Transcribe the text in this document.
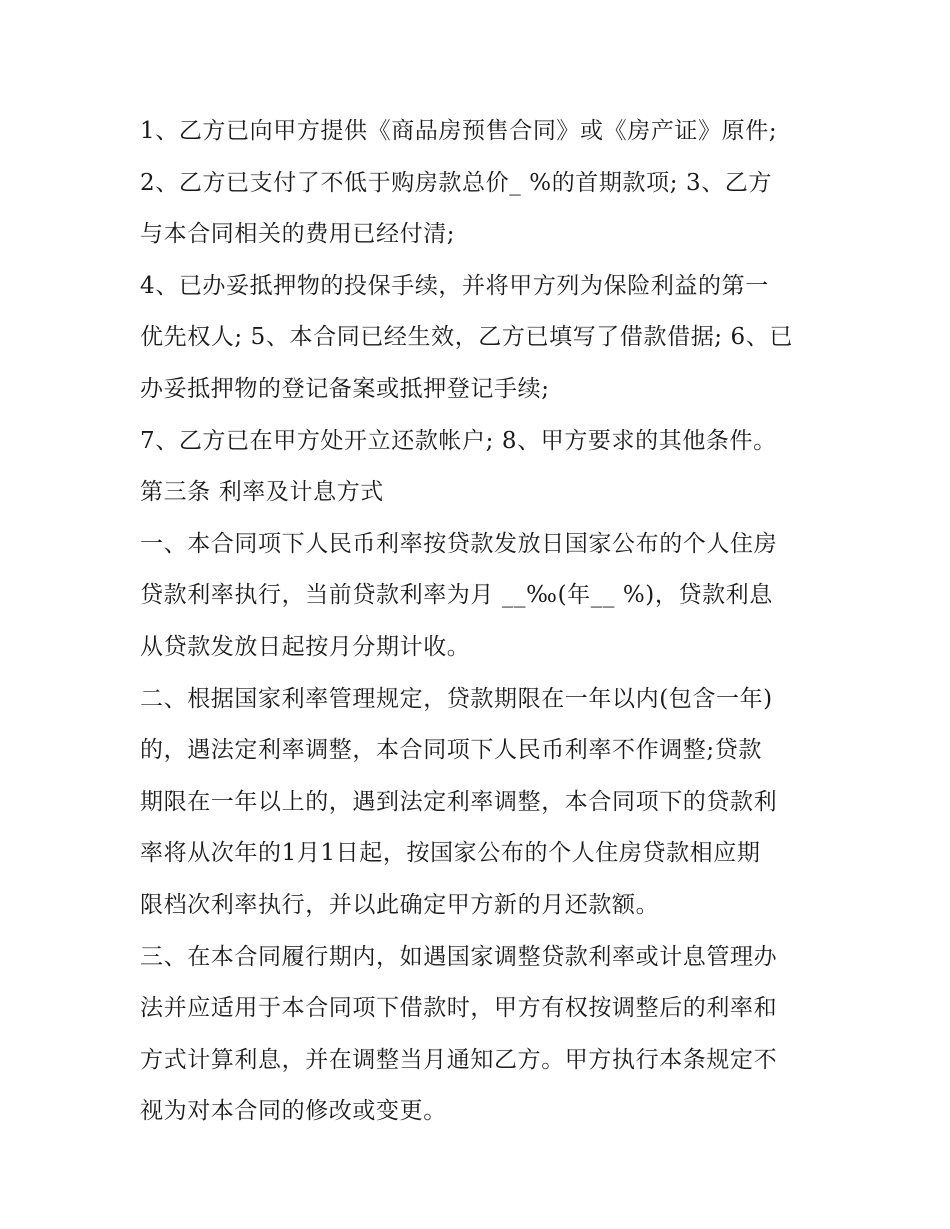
1、乙方已向甲方提供《商品房预售合同》或《房产证》原件;
2、乙方已支付了不低于购房款总价_ %的首期款项; 3、乙方
与本合同相关的费用已经付清;
4、已办妥抵押物的投保手续，并将甲方列为保险利益的第一
优先权人; 5、本合同已经生效，乙方已填写了借款借据; 6、已
办妥抵押物的登记备案或抵押登记手续;
7、乙方已在甲方处开立还款帐户; 8、甲方要求的其他条件。
第三条 利率及计息方式
一、本合同项下人民币利率按贷款发放日国家公布的个人住房
贷款利率执行，当前贷款利率为月 __‰(年__ %)，贷款利息
从贷款发放日起按月分期计收。
二、根据国家利率管理规定，贷款期限在一年以内(包含一年)
的，遇法定利率调整，本合同项下人民币利率不作调整;贷款
期限在一年以上的，遇到法定利率调整，本合同项下的贷款利
率将从次年的1月1日起，按国家公布的个人住房贷款相应期
限档次利率执行，并以此确定甲方新的月还款额。
三、在本合同履行期内，如遇国家调整贷款利率或计息管理办
法并应适用于本合同项下借款时，甲方有权按调整后的利率和
方式计算利息，并在调整当月通知乙方。甲方执行本条规定不
视为对本合同的修改或变更。
